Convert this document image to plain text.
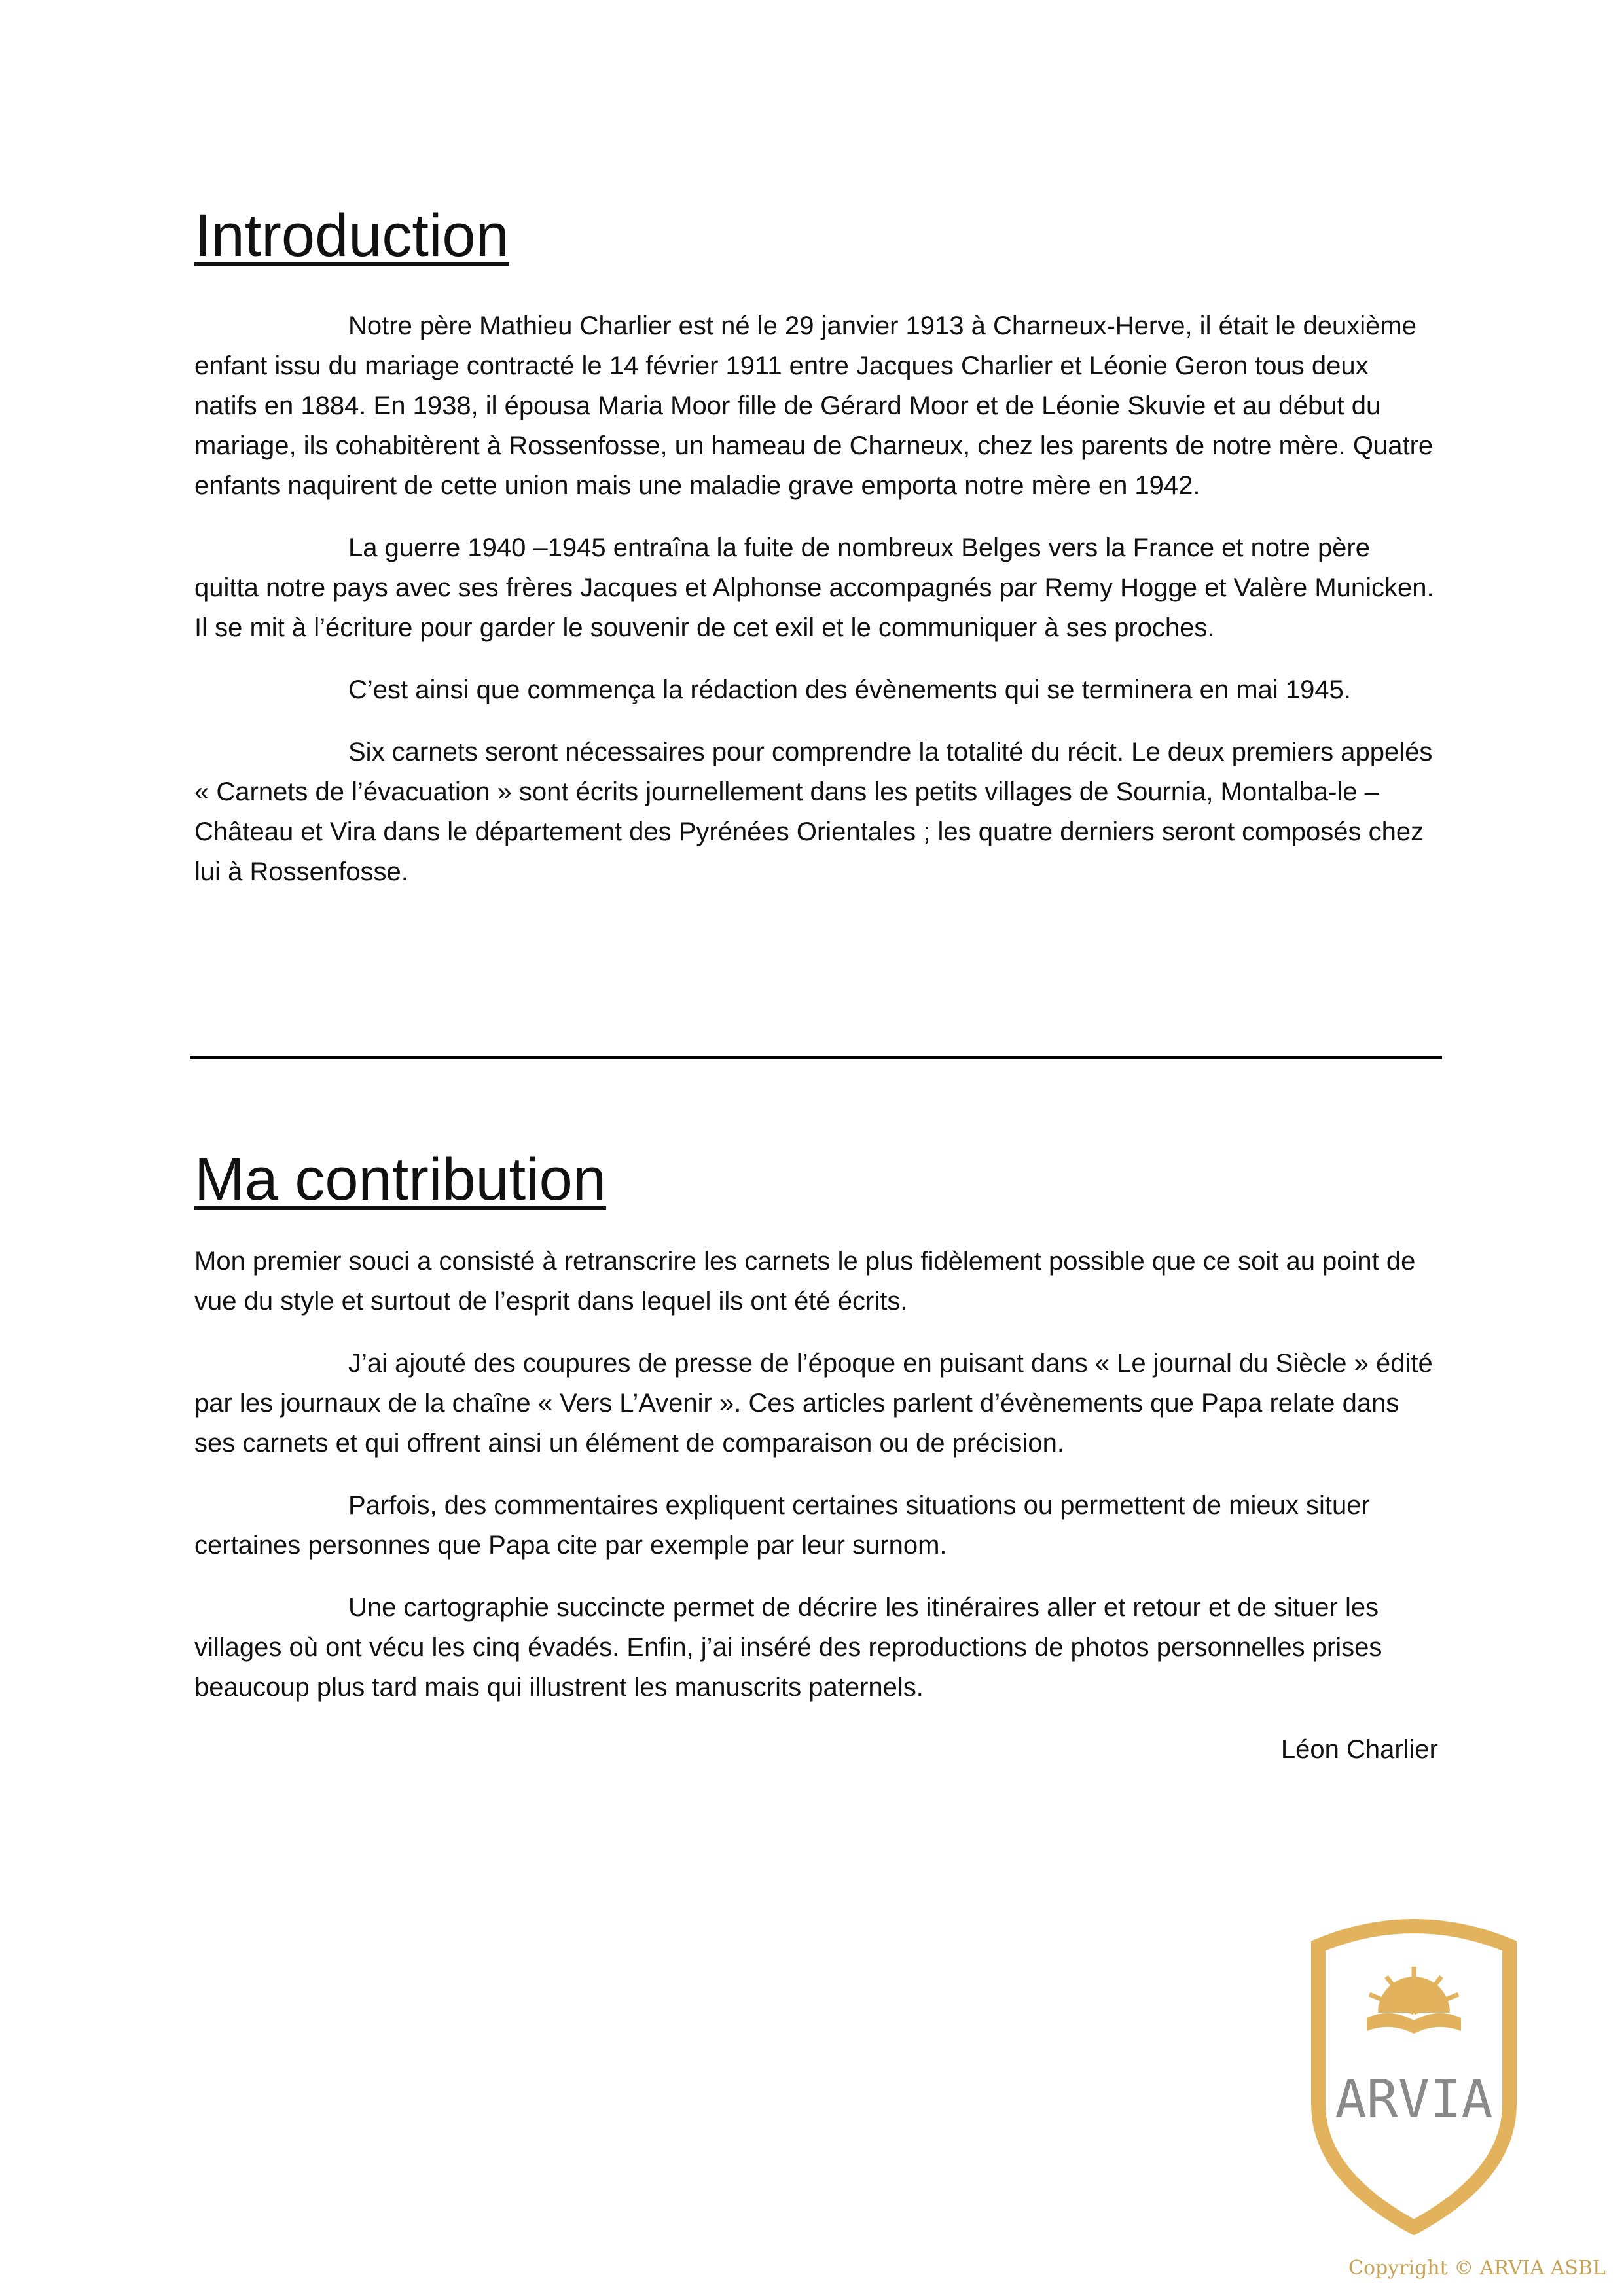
Introduction

Notre père Mathieu Charlier est né le 29 janvier 1913 à Charneux-Herve, il était le deuxième enfant issu du mariage contracté le 14 février 1911 entre Jacques Charlier et Léonie Geron tous deux natifs en 1884. En 1938, il épousa Maria Moor fille de Gérard Moor et de Léonie Skuvie et au début du mariage, ils cohabitèrent à Rossenfosse, un hameau de Charneux, chez les parents de notre mère. Quatre enfants naquirent de cette union mais une maladie grave emporta notre mère en 1942.

La guerre 1940 –1945 entraîna la fuite de nombreux Belges vers la France et notre père quitta notre pays avec ses frères Jacques et Alphonse accompagnés par Remy Hogge et Valère Municken. Il se mit à l’écriture pour garder le souvenir de cet exil et le communiquer à ses proches.

C’est ainsi que commença la rédaction des évènements qui se terminera en mai 1945.

Six carnets seront nécessaires pour comprendre la totalité du récit. Le deux premiers appelés « Carnets de l’évacuation » sont écrits journellement dans les petits villages de Sournia, Montalba-le –Château et Vira dans le département des Pyrénées Orientales ; les quatre derniers seront composés chez lui à Rossenfosse.

Ma contribution

Mon premier souci a consisté à retranscrire les carnets le plus fidèlement possible que ce soit au point de vue du style et surtout de l’esprit dans lequel ils ont été écrits.

J’ai ajouté des coupures de presse de l’époque en puisant dans « Le journal du Siècle » édité par les journaux de la chaîne « Vers L’Avenir ». Ces articles parlent d’évènements que Papa relate dans ses carnets et qui offrent ainsi un élément de comparaison ou de précision.

Parfois, des commentaires expliquent certaines situations ou permettent de mieux situer certaines personnes que Papa cite par exemple par leur surnom.

Une cartographie succincte permet de décrire les itinéraires aller et retour et de situer les villages où ont vécu les cinq évadés. Enfin, j’ai inséré des reproductions de photos personnelles prises beaucoup plus tard mais qui illustrent les manuscrits paternels.

Léon Charlier

ARVIA
Copyright © ARVIA ASBL
